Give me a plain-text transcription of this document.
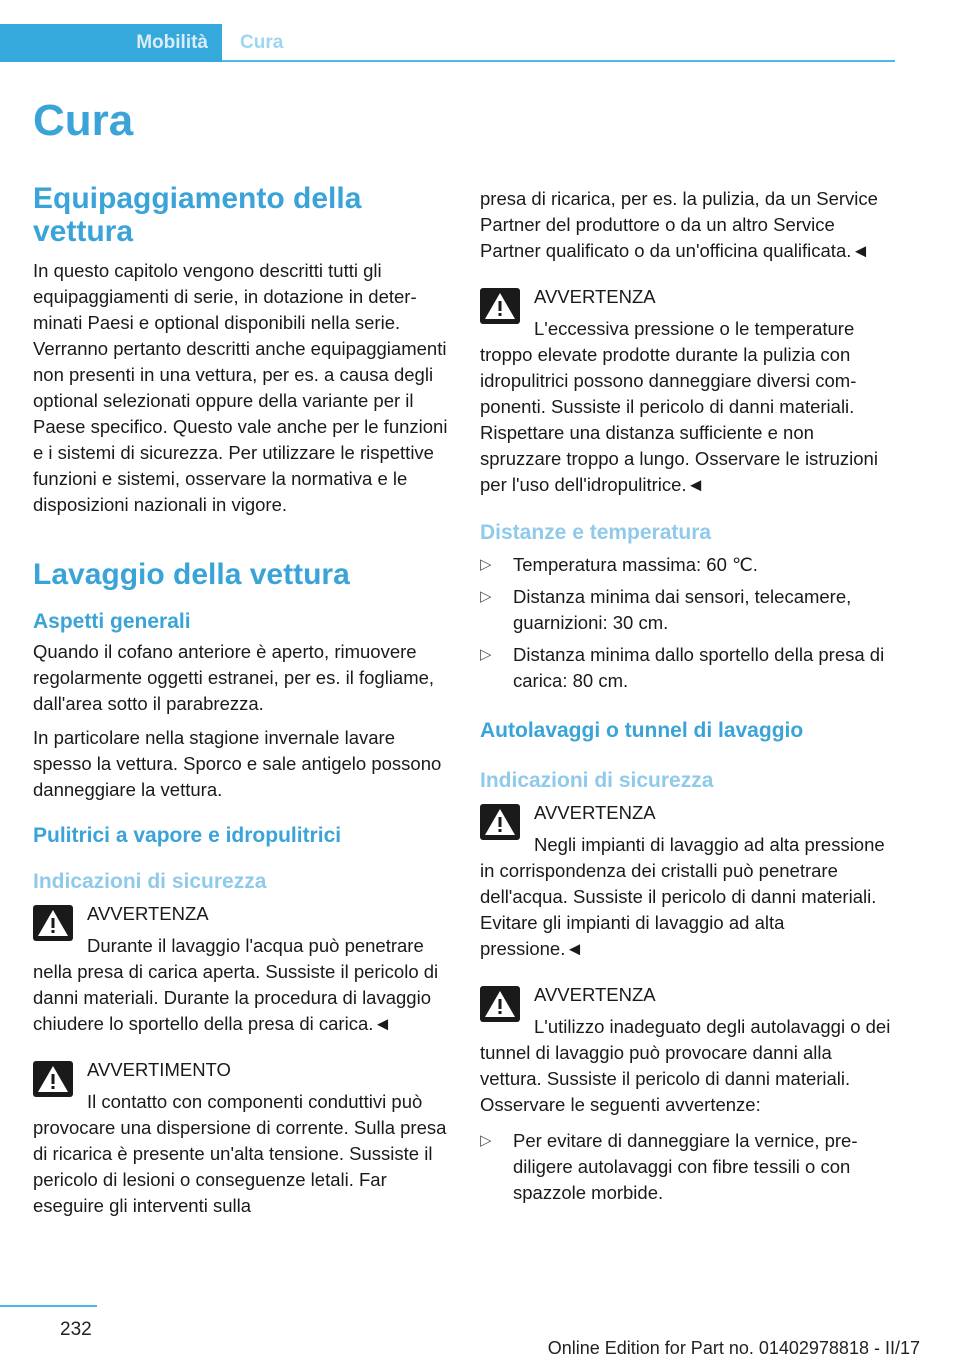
Mobilità Cura
Cura
Equipaggiamento della vettura
In questo capitolo vengono descritti tutti gli equipaggiamenti di serie, in dotazione in determinati Paesi e optional disponibili nella serie. Verranno pertanto descritti anche equipaggiamenti non presenti in una vettura, per es. a causa degli optional selezionati oppure della variante per il Paese specifico. Questo vale anche per le funzioni e i sistemi di sicurezza. Per utilizzare le rispettive funzioni e sistemi, osservare la normativa e le disposizioni nazionali in vigore.
Lavaggio della vettura
Aspetti generali
Quando il cofano anteriore è aperto, rimuovere regolarmente oggetti estranei, per es. il fogliame, dall'area sotto il parabrezza.
In particolare nella stagione invernale lavare spesso la vettura. Sporco e sale antigelo possono danneggiare la vettura.
Pulitrici a vapore e idropulitrici
Indicazioni di sicurezza
AVVERTENZA
Durante il lavaggio l'acqua può penetrare nella presa di carica aperta. Sussiste il pericolo di danni materiali. Durante la procedura di lavaggio chiudere lo sportello della presa di carica.◄
AVVERTIMENTO
Il contatto con componenti conduttivi può provocare una dispersione di corrente. Sulla presa di ricarica è presente un'alta tensione. Sussiste il pericolo di lesioni o conseguenze letali. Far eseguire gli interventi sulla
presa di ricarica, per es. la pulizia, da un Service Partner del produttore o da un altro Service Partner qualificato o da un'officina qualificata.◄
AVVERTENZA
L'eccessiva pressione o le temperature troppo elevate prodotte durante la pulizia con idropulitrici possono danneggiare diversi componenti. Sussiste il pericolo di danni materiali. Rispettare una distanza sufficiente e non spruzzare troppo a lungo. Osservare le istruzioni per l'uso dell'idropulitrice.◄
Distanze e temperatura
▷ Temperatura massima: 60 ℃.
▷ Distanza minima dai sensori, telecamere, guarnizioni: 30 cm.
▷ Distanza minima dallo sportello della presa di carica: 80 cm.
Autolavaggi o tunnel di lavaggio
Indicazioni di sicurezza
AVVERTENZA
Negli impianti di lavaggio ad alta pressione in corrispondenza dei cristalli può penetrare dell'acqua. Sussiste il pericolo di danni materiali. Evitare gli impianti di lavaggio ad alta pressione.◄
AVVERTENZA
L'utilizzo inadeguato degli autolavaggi o dei tunnel di lavaggio può provocare danni alla vettura. Sussiste il pericolo di danni materiali. Osservare le seguenti avvertenze:
▷ Per evitare di danneggiare la vernice, prediligere autolavaggi con fibre tessili o con spazzole morbide.
232
Online Edition for Part no. 01402978818 - II/17
